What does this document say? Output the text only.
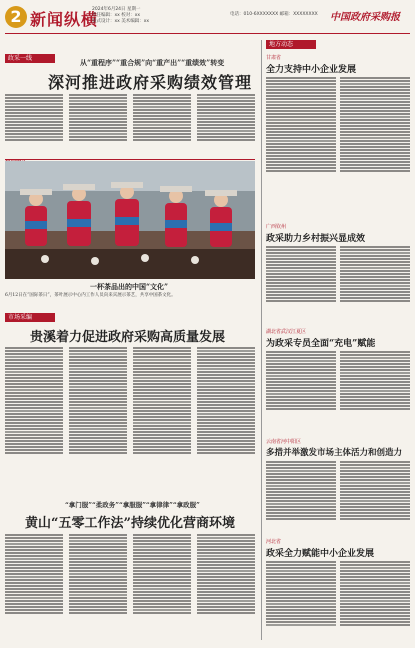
2 新闻纵横
2024年6月24日 星期一
责任编辑：xx 校对：xx
版式设计：xx 美术编辑：xx
电话：010-6XXXXXXX 邮箱：XXXXXXXX 中国政府采购报
政采一线	从“重程序”“重合规”向“重产出”“重绩效”转变
深河推进政府采购绩效管理
一杯茶品出的中国“文化”
6月12日在“国际茶日”，茶叶展示中心内工作人员向来宾展示茶艺，共享中国茶文化。
市场采编
贵溪着力促进政府采购高质量发展
“拿门服”“柔政务”“拿服服”“拿律律”“拿政服”
黄山“五零工作法”持续优化营商环境
地方动态
甘肃省
全力支持中小企业发展
广西钦州
政采助力乡村振兴显成效
湖北省武汉江夏区
为政采专员全面“充电”赋能
云南省河中阳区
多措并举激发市场主体活力和创造力
河北省
政采全力赋能中小企业发展
